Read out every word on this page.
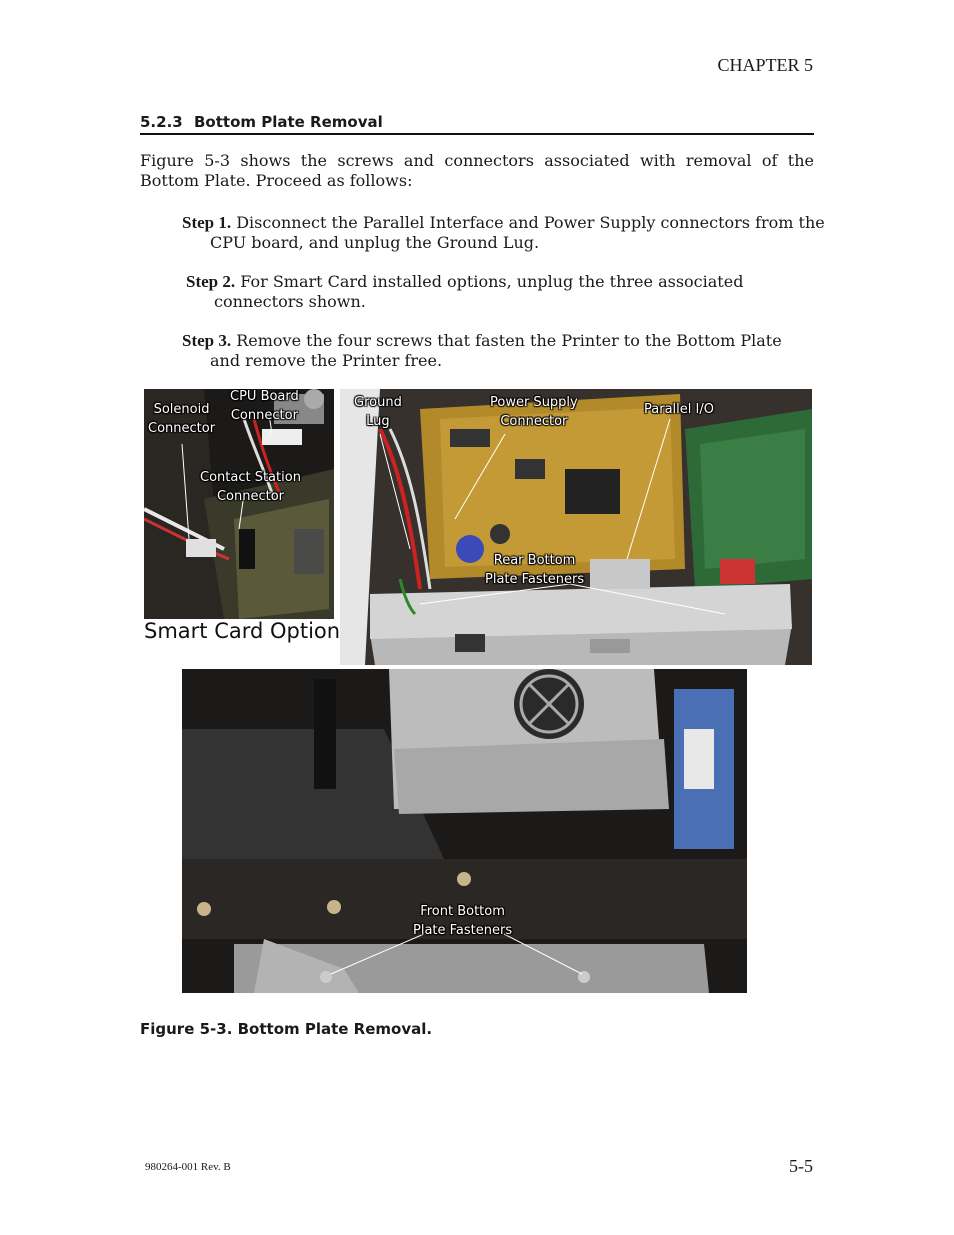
CHAPTER 5
5.2.3 Bottom Plate Removal
Figure 5-3 shows the screws and connectors associated with removal of the Bottom Plate. Proceed as follows:
Step 1. Disconnect the Parallel Interface and Power Supply connectors from the CPU board, and unplug the Ground Lug.
Step 2. For Smart Card installed options, unplug the three associated connectors shown.
Step 3. Remove the four screws that fasten the Printer to the Bottom Plate and remove the Printer free.
Solenoid
Connector
CPU Board
Connector
Contact Station
Connector
Smart Card Option
Ground
Lug
Power Supply
Connector
Parallel I/O
Rear Bottom
Plate Fasteners
Front Bottom
Plate Fasteners
Figure 5-3. Bottom Plate Removal.
980264-001 Rev. B	5-5
